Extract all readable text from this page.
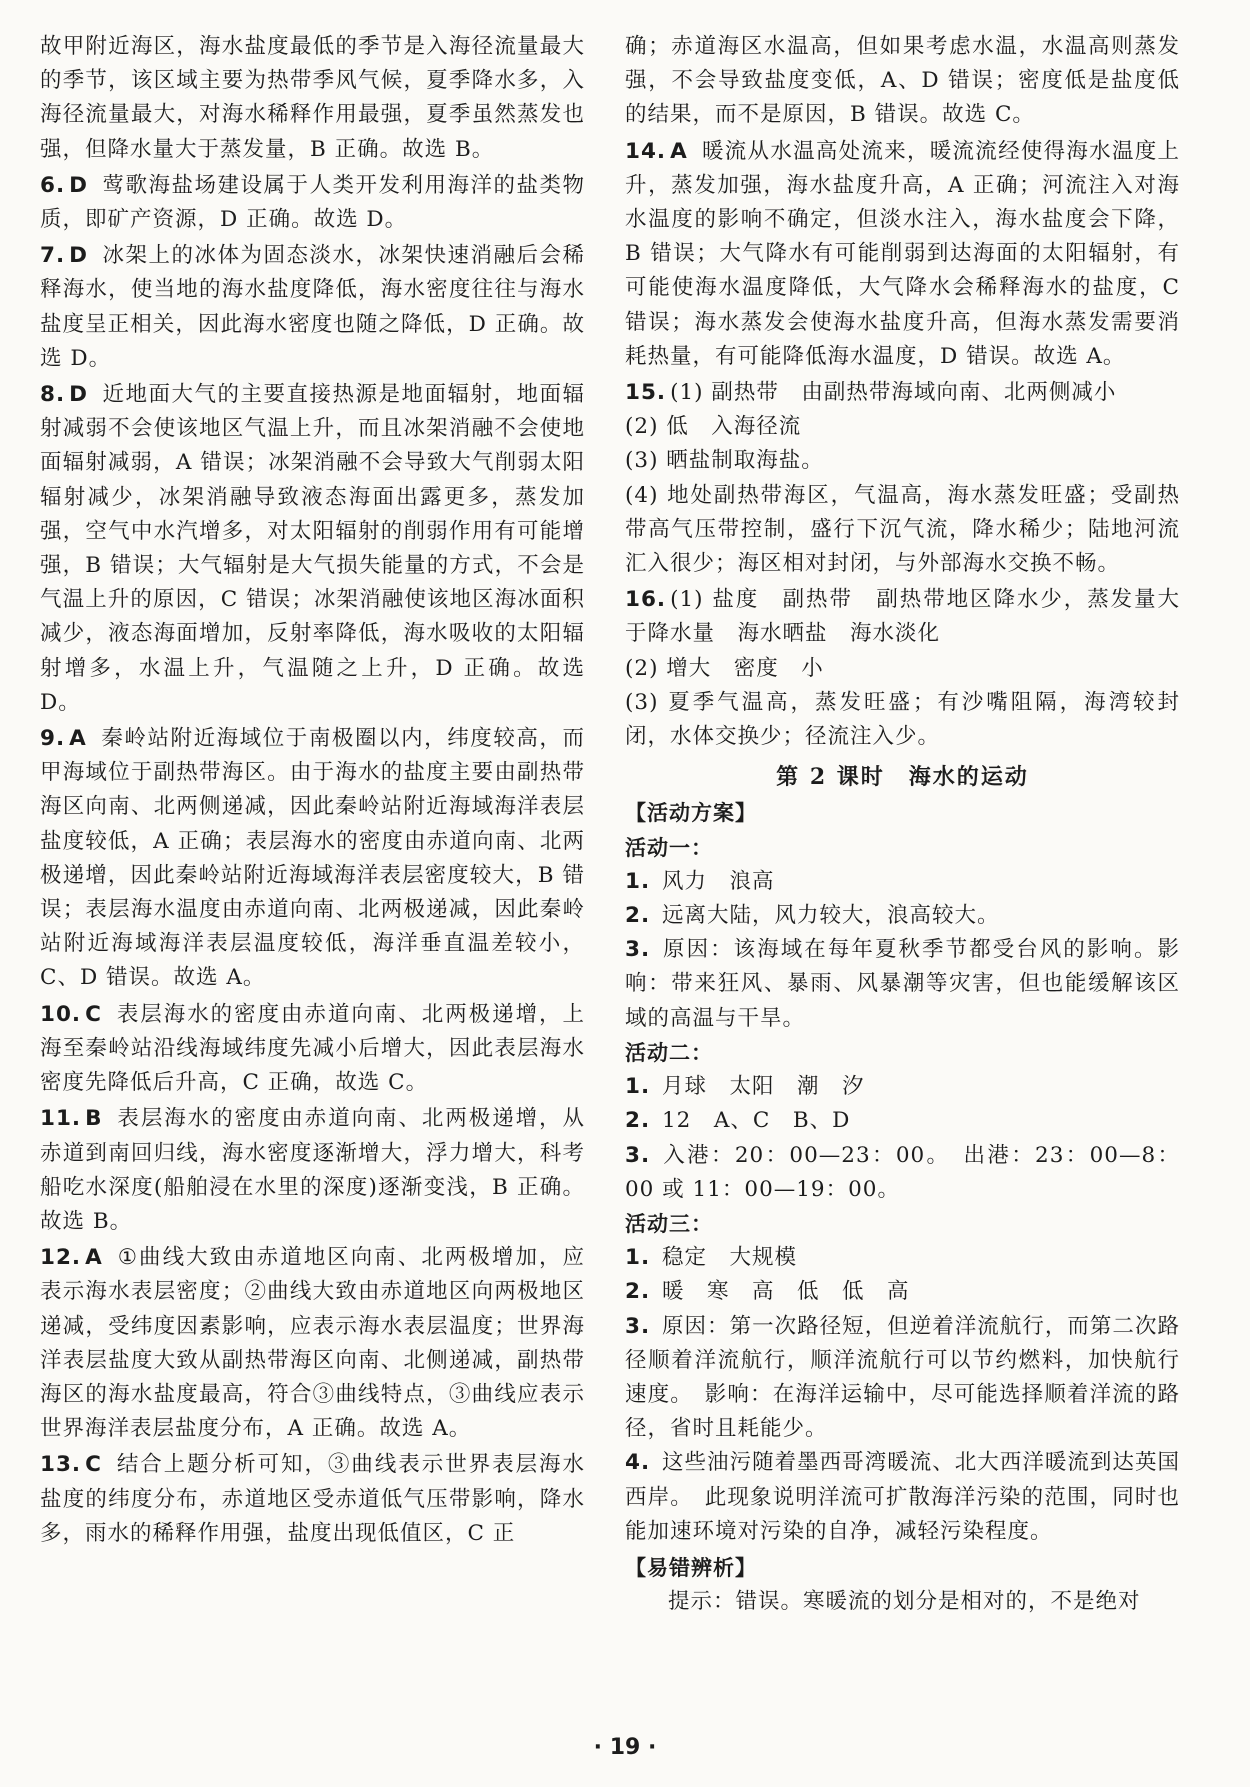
故甲附近海区，海水盐度最低的季节是入海径流量最大的季节，该区域主要为热带季风气候，夏季降水多，入海径流量最大，对海水稀释作用最强，夏季虽然蒸发也强，但降水量大于蒸发量，B 正确。故选 B。

6. D 莺歌海盐场建设属于人类开发利用海洋的盐类物质，即矿产资源，D 正确。故选 D。

7. D 冰架上的冰体为固态淡水，冰架快速消融后会稀释海水，使当地的海水盐度降低，海水密度往往与海水盐度呈正相关，因此海水密度也随之降低，D 正确。故选 D。

8. D 近地面大气的主要直接热源是地面辐射，地面辐射减弱不会使该地区气温上升，而且冰架消融不会使地面辐射减弱，A 错误；冰架消融不会导致大气削弱太阳辐射减少，冰架消融导致液态海面出露更多，蒸发加强，空气中水汽增多，对太阳辐射的削弱作用有可能增强，B 错误；大气辐射是大气损失能量的方式，不会是气温上升的原因，C 错误；冰架消融使该地区海冰面积减少，液态海面增加，反射率降低，海水吸收的太阳辐射增多，水温上升，气温随之上升，D 正确。故选 D。

9. A 秦岭站附近海域位于南极圈以内，纬度较高，而甲海域位于副热带海区。由于海水的盐度主要由副热带海区向南、北两侧递减，因此秦岭站附近海域海洋表层盐度较低，A 正确；表层海水的密度由赤道向南、北两极递增，因此秦岭站附近海域海洋表层密度较大，B 错误；表层海水温度由赤道向南、北两极递减，因此秦岭站附近海域海洋表层温度较低，海洋垂直温差较小，C、D 错误。故选 A。

10. C 表层海水的密度由赤道向南、北两极递增，上海至秦岭站沿线海域纬度先减小后增大，因此表层海水密度先降低后升高，C 正确，故选 C。

11. B 表层海水的密度由赤道向南、北两极递增，从赤道到南回归线，海水密度逐渐增大，浮力增大，科考船吃水深度(船舶浸在水里的深度)逐渐变浅，B 正确。故选 B。

12. A ①曲线大致由赤道地区向南、北两极增加，应表示海水表层密度；②曲线大致由赤道地区向两极地区递减，受纬度因素影响，应表示海水表层温度；世界海洋表层盐度大致从副热带海区向南、北侧递减，副热带海区的海水盐度最高，符合③曲线特点，③曲线应表示世界海洋表层盐度分布，A 正确。故选 A。

13. C 结合上题分析可知，③曲线表示世界表层海水盐度的纬度分布，赤道地区受赤道低气压带影响，降水多，雨水的稀释作用强，盐度出现低值区，C 正

确；赤道海区水温高，但如果考虑水温，水温高则蒸发强，不会导致盐度变低，A、D 错误；密度低是盐度低的结果，而不是原因，B 错误。故选 C。

14. A 暖流从水温高处流来，暖流流经使得海水温度上升，蒸发加强，海水盐度升高，A 正确；河流注入对海水温度的影响不确定，但淡水注入，海水盐度会下降，B 错误；大气降水有可能削弱到达海面的太阳辐射，有可能使海水温度降低，大气降水会稀释海水的盐度，C 错误；海水蒸发会使海水盐度升高，但海水蒸发需要消耗热量，有可能降低海水温度，D 错误。故选 A。

15. (1) 副热带　由副热带海域向南、北两侧减小

(2) 低　入海径流

(3) 晒盐制取海盐。

(4) 地处副热带海区，气温高，海水蒸发旺盛；受副热带高气压带控制，盛行下沉气流，降水稀少；陆地河流汇入很少；海区相对封闭，与外部海水交换不畅。

16. (1) 盐度　副热带　副热带地区降水少，蒸发量大于降水量　海水晒盐　海水淡化

(2) 增大　密度　小

(3) 夏季气温高，蒸发旺盛；有沙嘴阻隔，海湾较封闭，水体交换少；径流注入少。

第 2 课时　海水的运动

【活动方案】

活动一：

1. 风力　浪高

2. 远离大陆，风力较大，浪高较大。

3. 原因：该海域在每年夏秋季节都受台风的影响。影响：带来狂风、暴雨、风暴潮等灾害，但也能缓解该区域的高温与干旱。

活动二：

1. 月球　太阳　潮　汐

2. 12　A、C　B、D

3. 入港：20：00—23：00。　出港：23：00—8：00 或 11：00—19：00。

活动三：

1. 稳定　大规模

2. 暖　寒　高　低　低　高

3. 原因：第一次路径短，但逆着洋流航行，而第二次路径顺着洋流航行，顺洋流航行可以节约燃料，加快航行速度。　影响：在海洋运输中，尽可能选择顺着洋流的路径，省时且耗能少。

4. 这些油污随着墨西哥湾暖流、北大西洋暖流到达英国西岸。　此现象说明洋流可扩散海洋污染的范围，同时也能加速环境对污染的自净，减轻污染程度。

【易错辨析】

提示：错误。寒暖流的划分是相对的，不是绝对

· 19 ·
